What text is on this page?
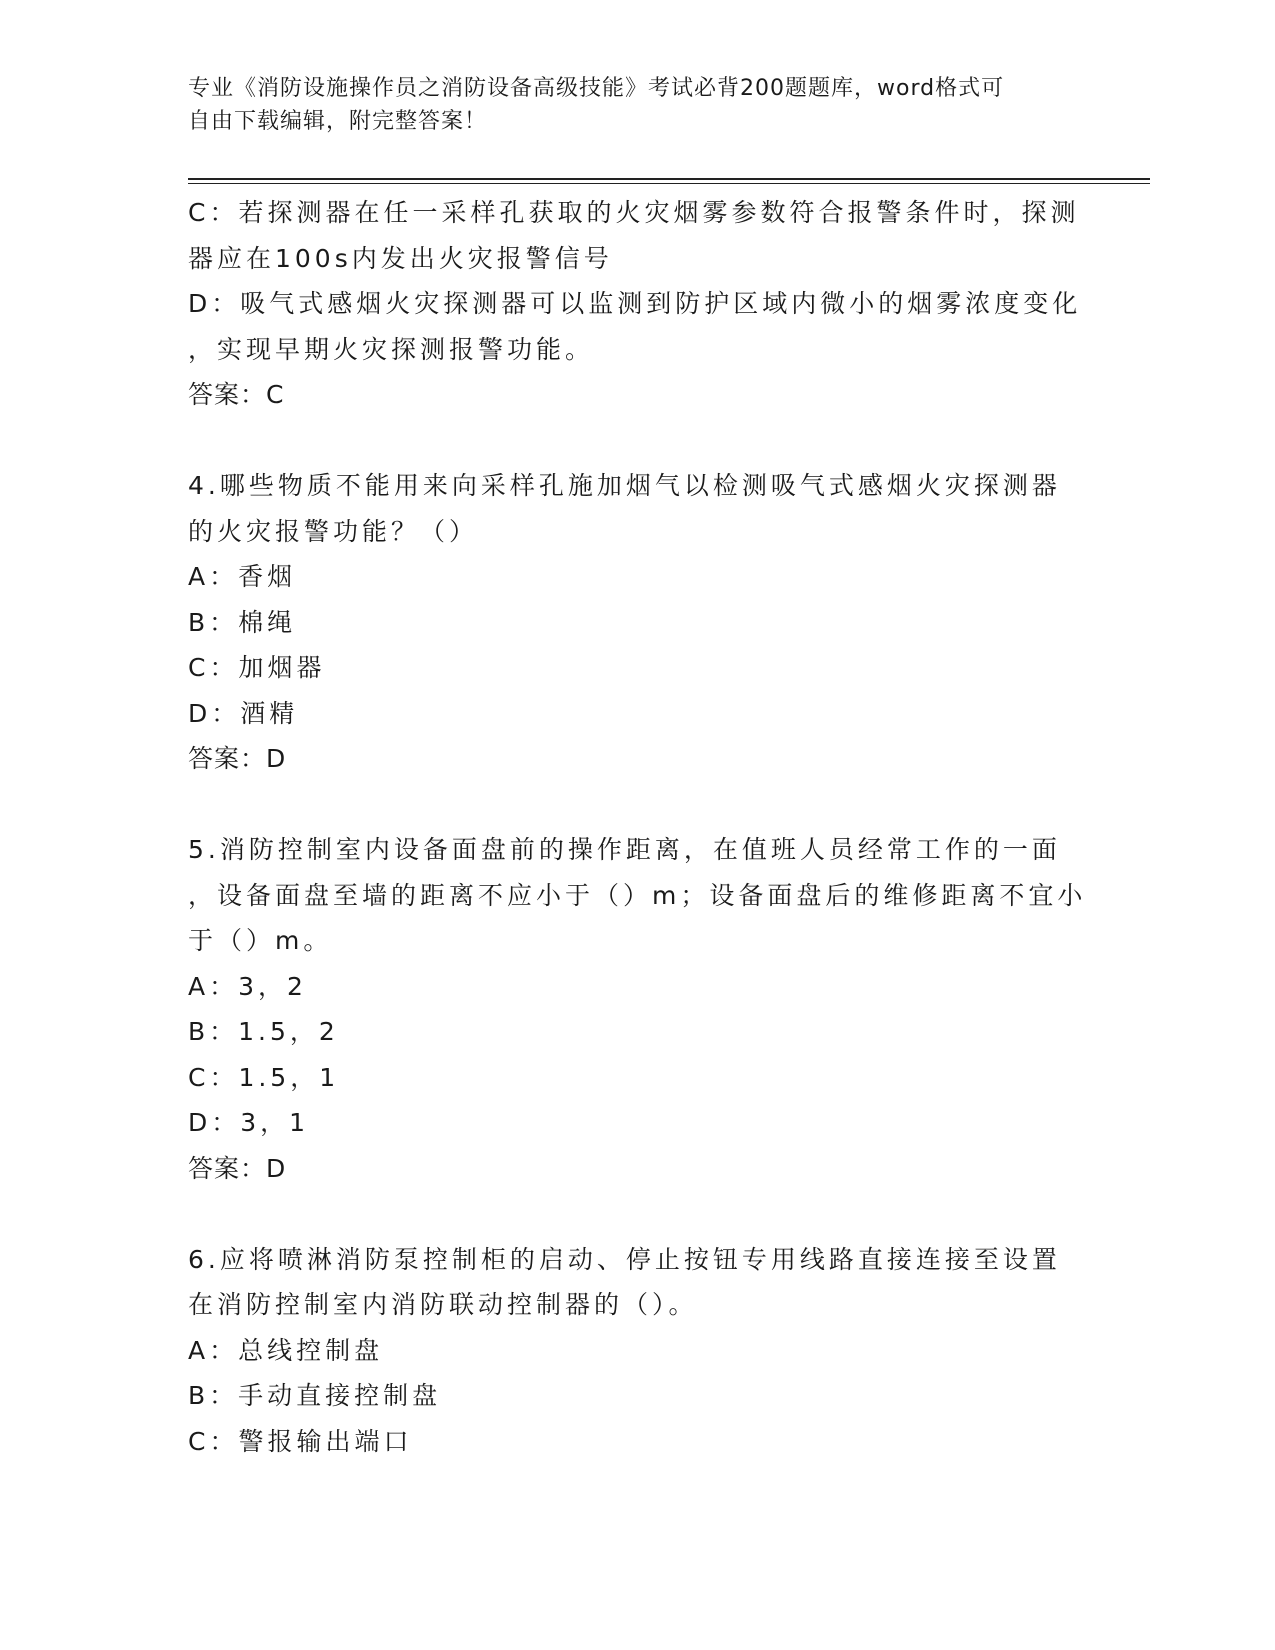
专业《消防设施操作员之消防设备高级技能》考试必背200题题库，word格式可
自由下载编辑，附完整答案！
C：若探测器在任一采样孔获取的火灾烟雾参数符合报警条件时，探测
器应在100s内发出火灾报警信号
D：吸气式感烟火灾探测器可以监测到防护区域内微小的烟雾浓度变化
，实现早期火灾探测报警功能。
答案：C
4.哪些物质不能用来向采样孔施加烟气以检测吸气式感烟火灾探测器
的火灾报警功能？（）
A：香烟
B：棉绳
C：加烟器
D：酒精
答案：D
5.消防控制室内设备面盘前的操作距离，在值班人员经常工作的一面
，设备面盘至墙的距离不应小于（）m；设备面盘后的维修距离不宜小
于（）m。
A：3，2
B：1.5，2
C：1.5，1
D：3，1
答案：D
6.应将喷淋消防泵控制柜的启动、停止按钮专用线路直接连接至设置
在消防控制室内消防联动控制器的（）。
A：总线控制盘
B：手动直接控制盘
C：警报输出端口
